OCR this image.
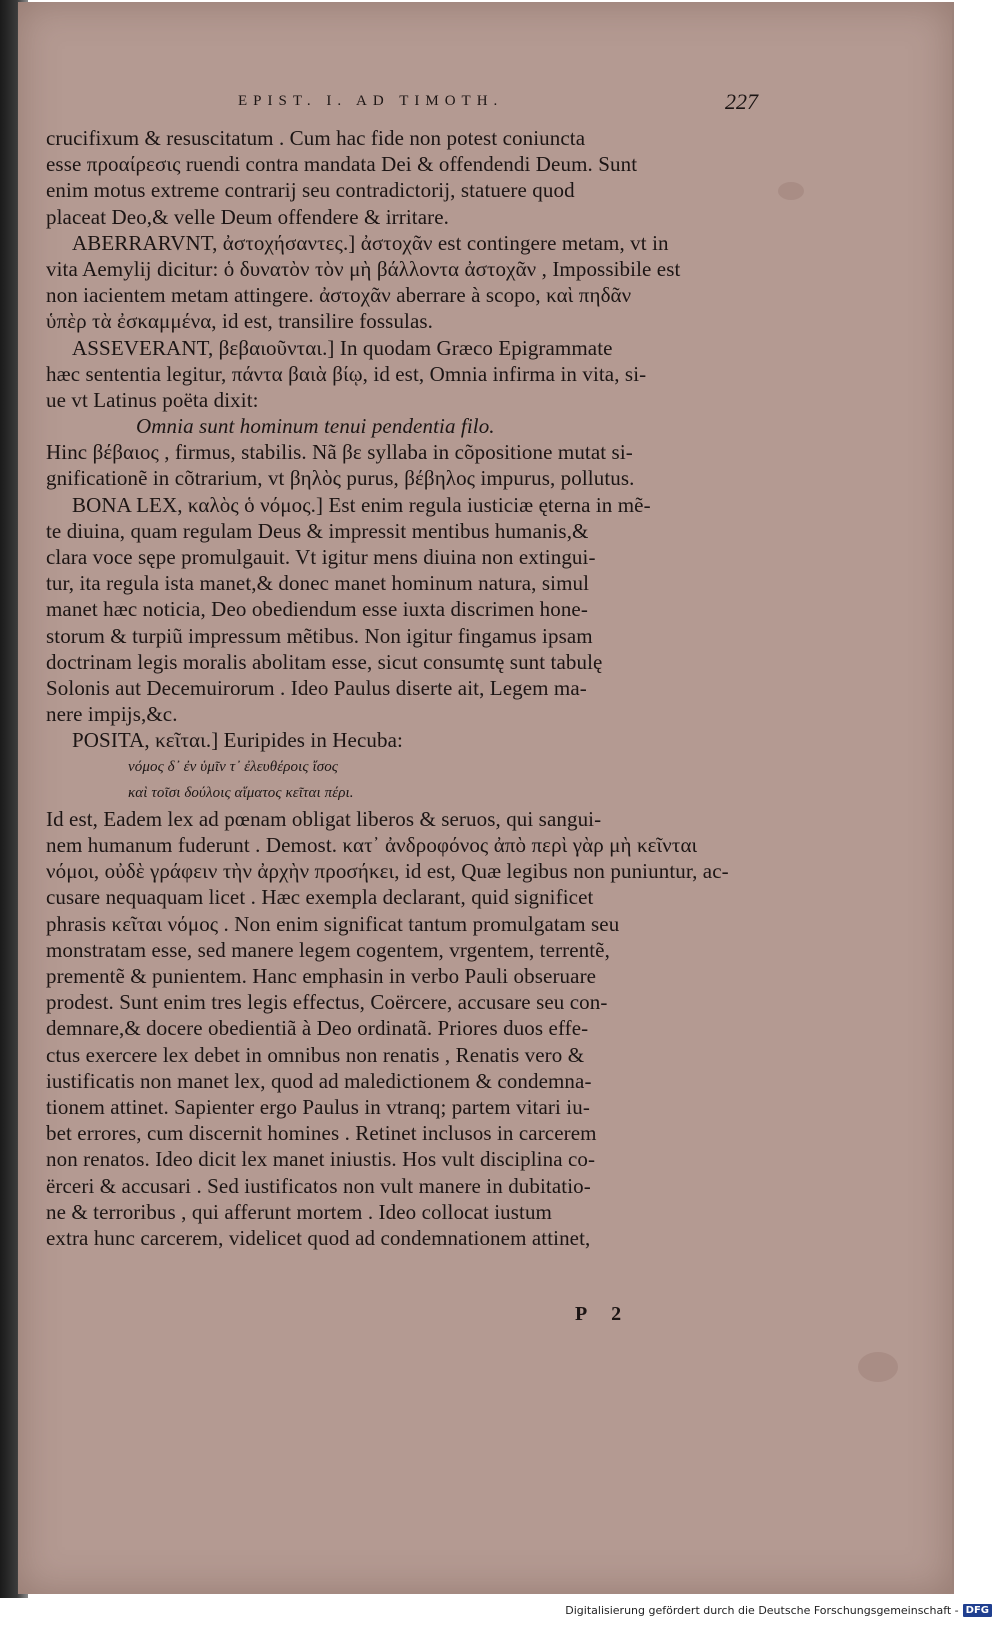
EPIST. I. AD TIMOTH.	227
crucifixum & resuscitatum . Cum hac fide non potest coniuncta
esse προαίρεσις ruendi contra mandata Dei & offendendi Deum. Sunt
enim motus extreme contrarij seu contradictorij, statuere quod
placeat Deo,& velle Deum offendere & irritare.
ABERRARVNT, ἀστοχήσαντες.] ἀστοχᾶν est contingere metam, vt in
vita Aemylij dicitur: ὁ δυνατὸν τὸν μὴ βάλλοντα ἀστοχᾶν , Impossibile est
non iacientem metam attingere. ἀστοχᾶν aberrare à scopo, καὶ πηδᾶν
ὑπὲρ τὰ ἐσκαμμένα, id est, transilire fossulas.
ASSEVERANT, βεβαιοῦνται.] In quodam Græco Epigrammate
hæc sententia legitur, πάντα βαιὰ βίῳ, id est, Omnia infirma in vita, si-
ue vt Latinus poëta dixit:
Omnia sunt hominum tenui pendentia filo.
Hinc βέβαιος , firmus, stabilis. Nã βε syllaba in cõpositione mutat si-
gnificationẽ in cõtrarium, vt βηλὸς purus, βέβηλος impurus, pollutus.
BONA LEX, καλὸς ὁ νόμος.] Est enim regula iusticiæ ęterna in mẽ-
te diuina, quam regulam Deus & impressit mentibus humanis,&
clara voce sępe promulgauit. Vt igitur mens diuina non extingui-
tur, ita regula ista manet,& donec manet hominum natura, simul
manet hæc noticia, Deo obediendum esse iuxta discrimen hone-
storum & turpiũ impressum mẽtibus. Non igitur fingamus ipsam
doctrinam legis moralis abolitam esse, sicut consumtę sunt tabulę
Solonis aut Decemuirorum . Ideo Paulus diserte ait, Legem ma-
nere impijs,&c.
POSITA, κεῖται.] Euripides in Hecuba:
νόμος δ᾽ ἐν ὑμῖν τ᾽ ἐλευθέροις ἴσος
καὶ τοῖσι δούλοις αἵματος κεῖται πέρι.
Id est, Eadem lex ad pœnam obligat liberos & seruos, qui sangui-
nem humanum fuderunt . Demost. κατ᾽ ἀνδροφόνος ἀπὸ περὶ γὰρ μὴ κεῖνται
νόμοι, οὐδὲ γράφειν τὴν ἀρχὴν προσήκει, id est, Quæ legibus non puniuntur, ac-
cusare nequaquam licet . Hæc exempla declarant, quid significet
phrasis κεῖται νόμος . Non enim significat tantum promulgatam seu
monstratam esse, sed manere legem cogentem, vrgentem, terrentẽ,
prementẽ & punientem. Hanc emphasin in verbo Pauli obseruare
prodest. Sunt enim tres legis effectus, Coërcere, accusare seu con-
demnare,& docere obedientiã à Deo ordinatã. Priores duos effe-
ctus exercere lex debet in omnibus non renatis , Renatis vero &
iustificatis non manet lex, quod ad maledictionem & condemna-
tionem attinet. Sapienter ergo Paulus in vtranq; partem vitari iu-
bet errores, cum discernit homines . Retinet inclusos in carcerem
non renatos. Ideo dicit lex manet iniustis. Hos vult disciplina co-
ërceri & accusari . Sed iustificatos non vult manere in dubitatio-
ne & terroribus , qui afferunt mortem . Ideo collocat iustum
extra hunc carcerem, videlicet quod ad condemnationem attinet,
P 2
Digitalisierung gefördert durch die Deutsche Forschungsgemeinschaft - DFG
